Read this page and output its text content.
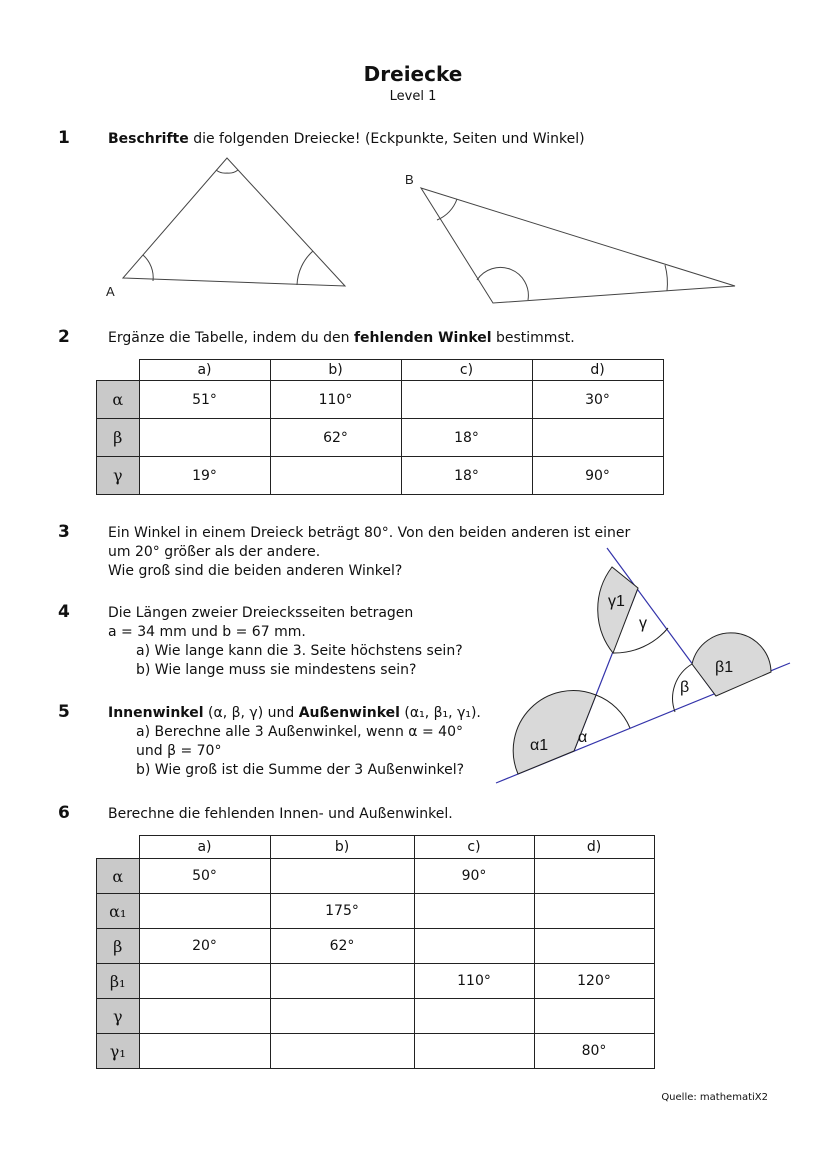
Dreiecke
Level 1
1	Beschrifte die folgenden Dreiecke! (Eckpunkte, Seiten und Winkel)
A
B
2	Ergänze die Tabelle, indem du den fehlenden Winkel bestimmst.
	a)	b)	c)	d)
α	51°	110°		30°
β		62°	18°	
γ	19°		18°	90°
3	Ein Winkel in einem Dreieck beträgt 80°. Von den beiden anderen ist einer
um 20° größer als der andere.
Wie groß sind die beiden anderen Winkel?
4	Die Längen zweier Dreiecksseiten betragen
a = 34 mm und b = 67 mm.
a) Wie lange kann die 3. Seite höchstens sein?
b) Wie lange muss sie mindestens sein?
5	Innenwinkel (α, β, γ) und Außenwinkel (α₁, β₁, γ₁).
a) Berechne alle 3 Außenwinkel, wenn α = 40°
und β = 70°
b) Wie groß ist die Summe der 3 Außenwinkel?
α1 α
γ1
γ
β
β1
6	Berechne die fehlenden Innen- und Außenwinkel.
	a)	b)	c)	d)
α	50°		90°	
α₁		175°		
β	20°	62°		
β₁			110°	120°
γ				
γ₁				80°
Quelle: mathematiX2
